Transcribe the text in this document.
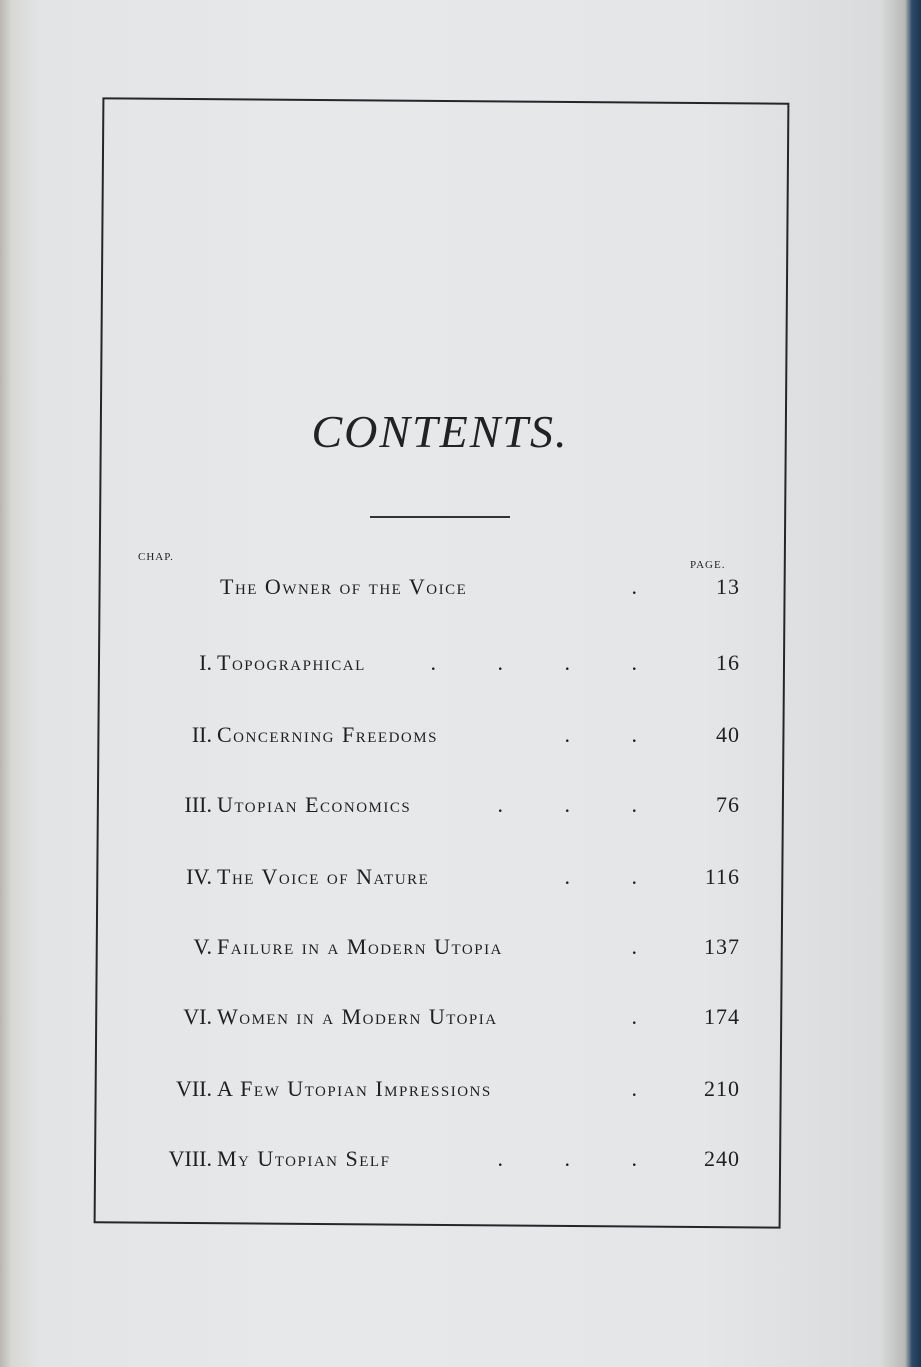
CONTENTS.
CHAP.
PAGE.
The Owner of the Voice	. 13
I. Topographical	. . . . 16
II. Concerning Freedoms	. . 40
III. Utopian Economics	. . . 76
IV. The Voice of Nature	. . 116
V. Failure in a Modern Utopia	. 137
VI. Women in a Modern Utopia	. 174
VII. A Few Utopian Impressions	. 210
VIII. My Utopian Self	. . . 240
